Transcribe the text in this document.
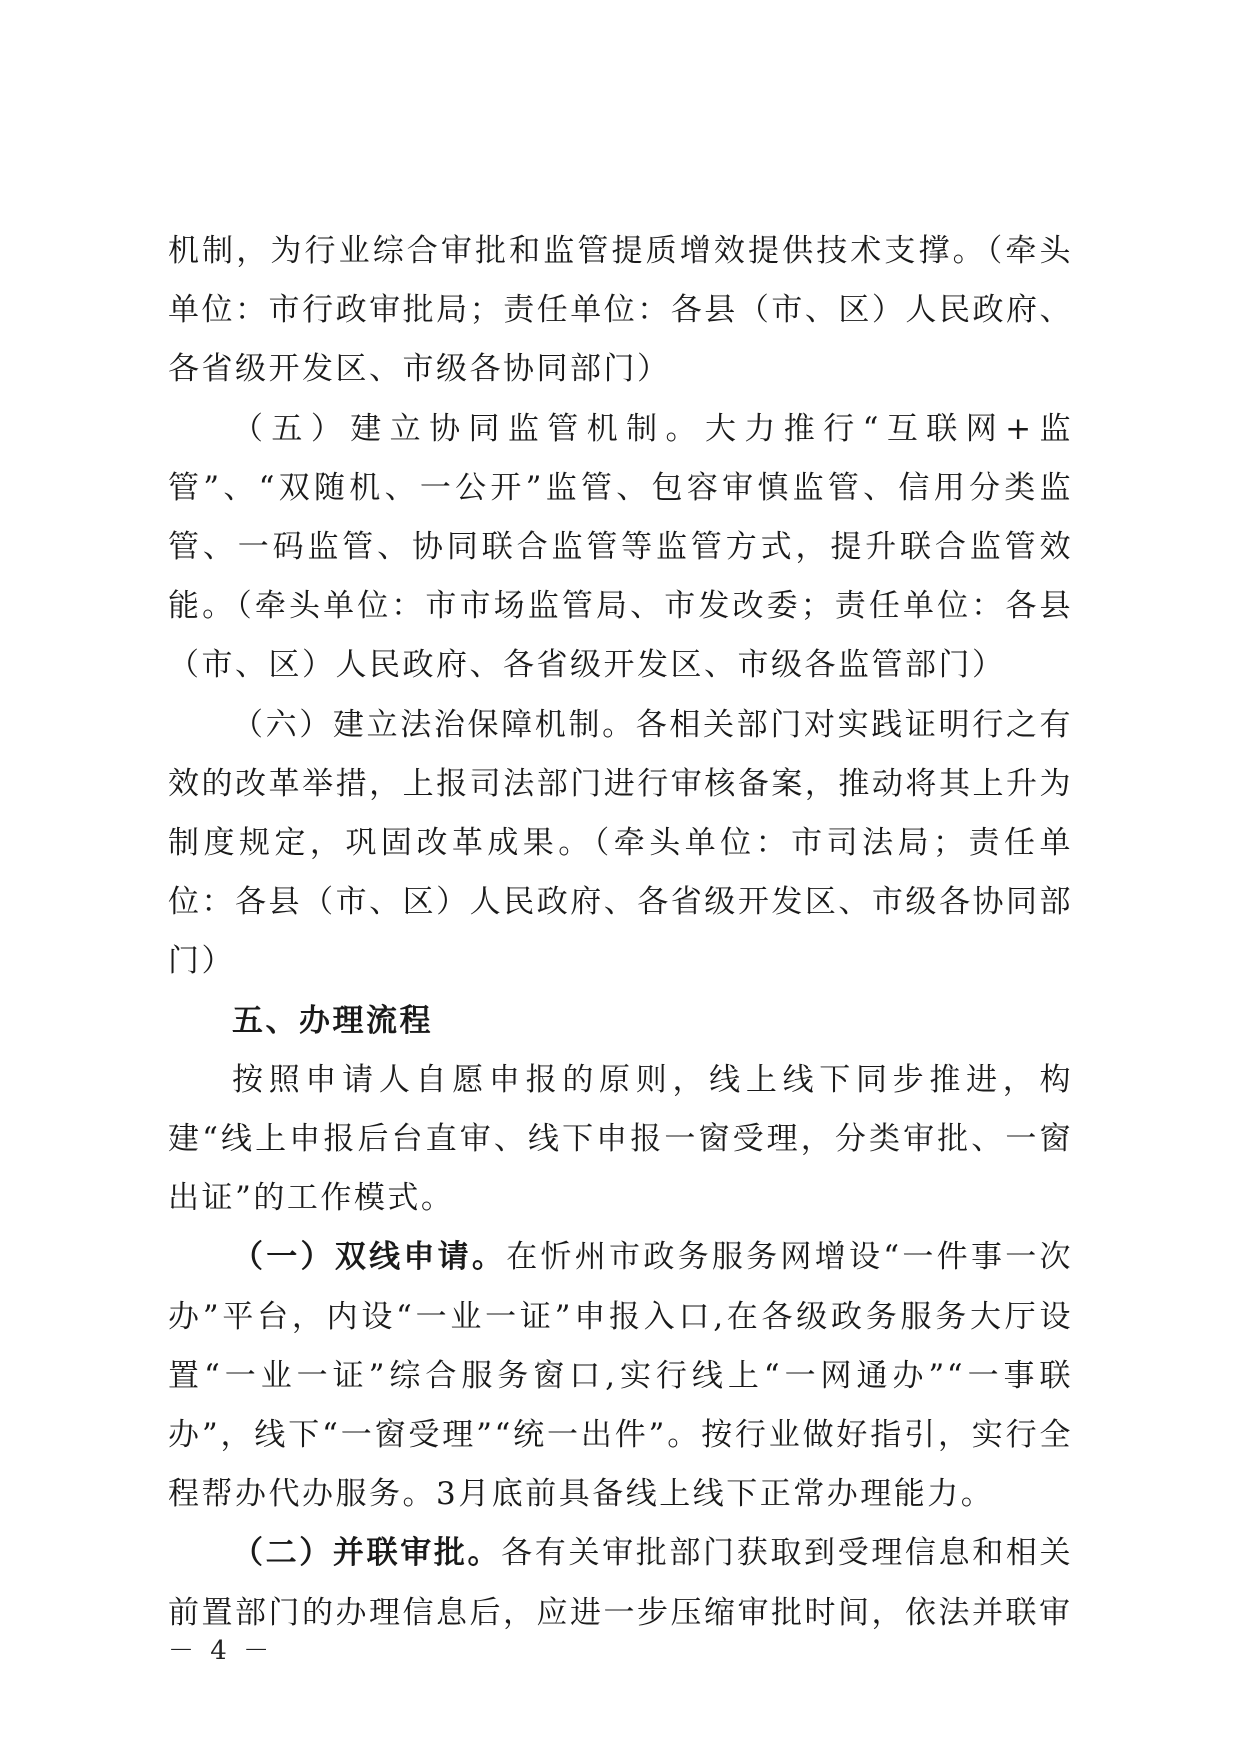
机制，为行业综合审批和监管提质增效提供技术支撑。（牵头单位：市行政审批局；责任单位：各县（市、区）人民政府、各省级开发区、市级各协同部门）

（五）建立协同监管机制。大力推行“互联网+监管”、“双随机、一公开”监管、包容审慎监管、信用分类监管、一码监管、协同联合监管等监管方式，提升联合监管效能。（牵头单位：市市场监管局、市发改委；责任单位：各县（市、区）人民政府、各省级开发区、市级各监管部门）

（六）建立法治保障机制。各相关部门对实践证明行之有效的改革举措，上报司法部门进行审核备案，推动将其上升为制度规定，巩固改革成果。（牵头单位：市司法局；责任单位：各县（市、区）人民政府、各省级开发区、市级各协同部门）

五、办理流程

按照申请人自愿申报的原则，线上线下同步推进，构建“线上申报后台直审、线下申报一窗受理，分类审批、一窗出证”的工作模式。

（一）双线申请。在忻州市政务服务网增设“一件事一次办”平台，内设“一业一证”申报入口,在各级政务服务大厅设置“一业一证”综合服务窗口,实行线上“一网通办”“一事联办”，线下“一窗受理”“统一出件”。按行业做好指引，实行全程帮办代办服务。3月底前具备线上线下正常办理能力。

（二）并联审批。各有关审批部门获取到受理信息和相关前置部门的办理信息后，应进一步压缩审批时间，依法并联审

－ 4 －
